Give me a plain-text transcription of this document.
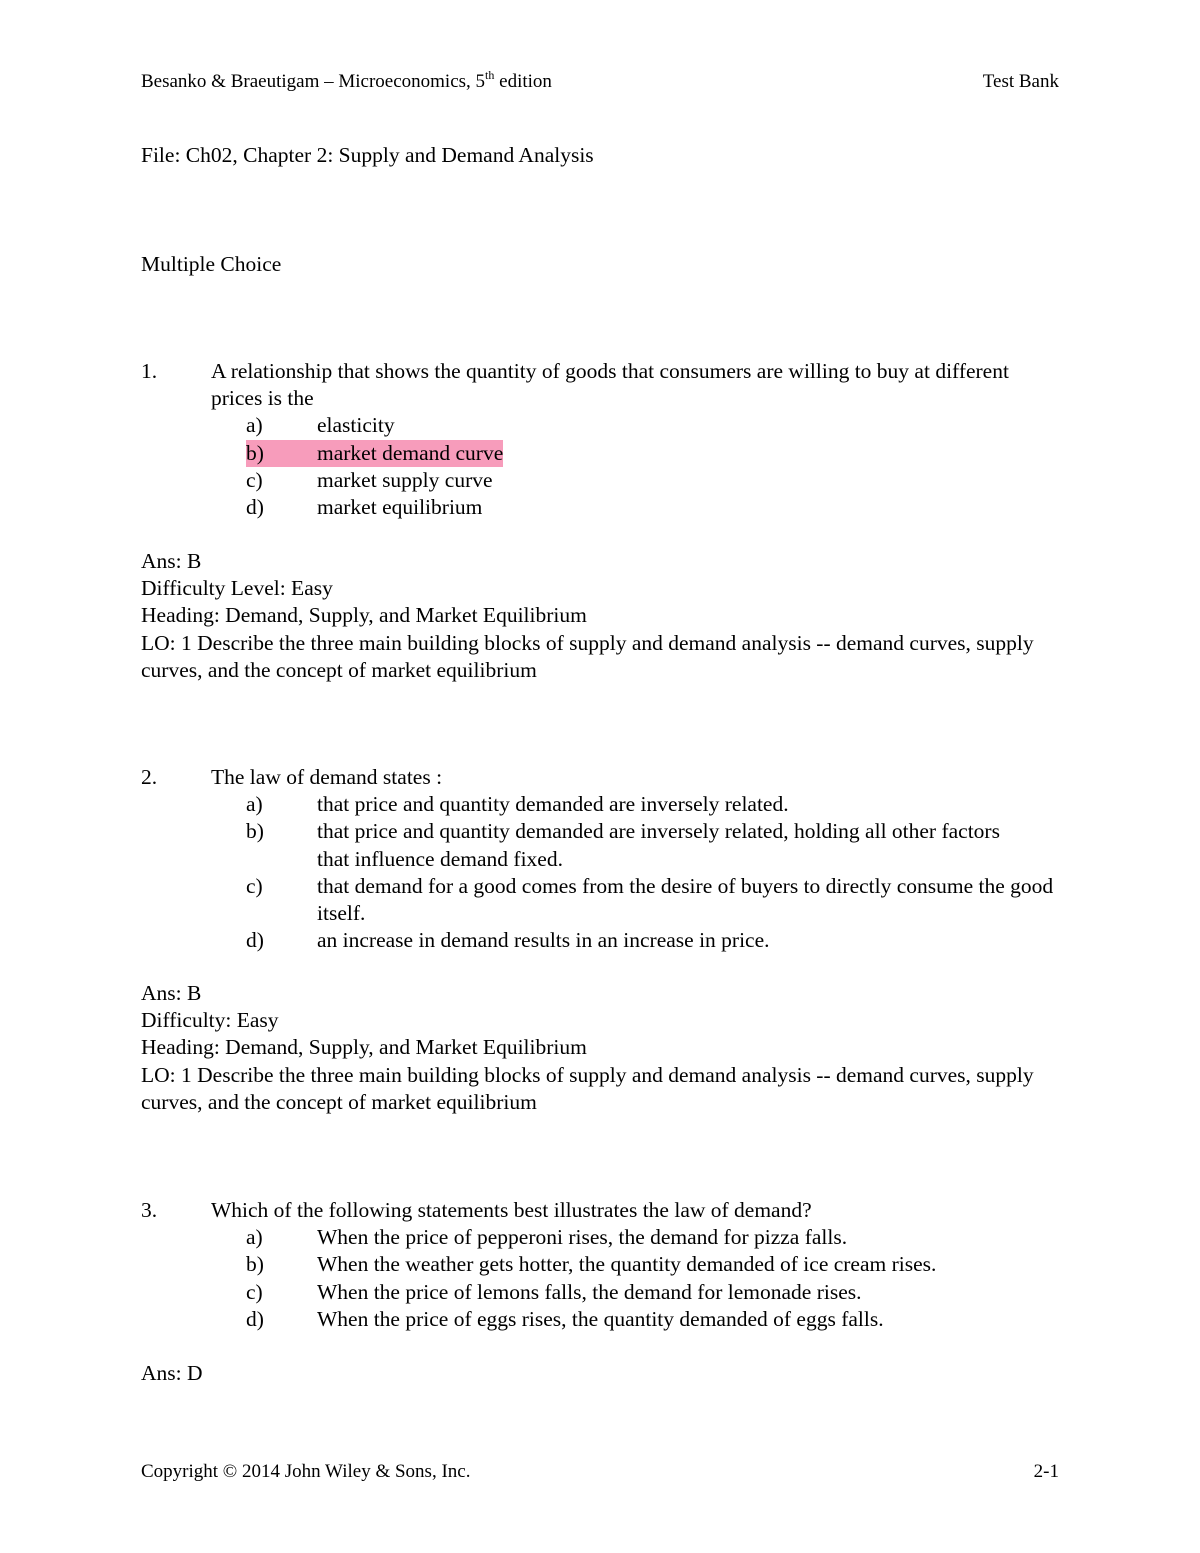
Besanko & Braeutigam – Microeconomics, 5th edition	Test Bank
File: Ch02, Chapter 2: Supply and Demand Analysis
Multiple Choice
1.	A relationship that shows the quantity of goods that consumers are willing to buy at different prices is the
a)	elasticity
b)	market demand curve
c)	market supply curve
d)	market equilibrium
Ans: B
Difficulty Level: Easy
Heading: Demand, Supply, and Market Equilibrium
LO: 1 Describe the three main building blocks of supply and demand analysis -- demand curves, supply curves, and the concept of market equilibrium
2.	The law of demand states :
a)	that price and quantity demanded are inversely related.
b)	that price and quantity demanded are inversely related, holding all other factors that influence demand fixed.
c)	that demand for a good comes from the desire of buyers to directly consume the good itself.
d)	an increase in demand results in an increase in price.
Ans: B
Difficulty: Easy
Heading: Demand, Supply, and Market Equilibrium
LO: 1 Describe the three main building blocks of supply and demand analysis -- demand curves, supply curves, and the concept of market equilibrium
3.	Which of the following statements best illustrates the law of demand?
a)	When the price of pepperoni rises, the demand for pizza falls.
b)	When the weather gets hotter, the quantity demanded of ice cream rises.
c)	When the price of lemons falls, the demand for lemonade rises.
d)	When the price of eggs rises, the quantity demanded of eggs falls.
Ans: D
Copyright © 2014 John Wiley & Sons, Inc.	2-1
